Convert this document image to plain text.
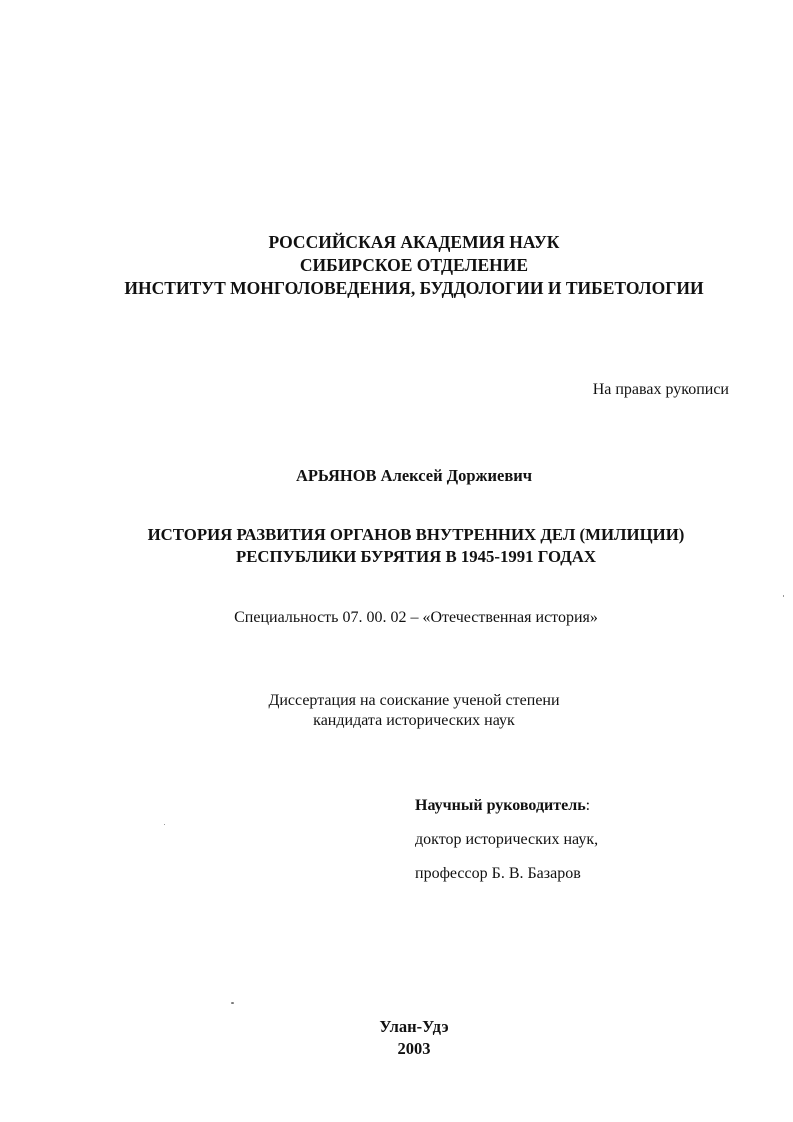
РОССИЙСКАЯ АКАДЕМИЯ НАУК
СИБИРСКОЕ ОТДЕЛЕНИЕ
ИНСТИТУТ МОНГОЛОВЕДЕНИЯ, БУДДОЛОГИИ И ТИБЕТОЛОГИИ
На правах рукописи
АРЬЯНОВ Алексей Доржиевич
ИСТОРИЯ РАЗВИТИЯ ОРГАНОВ ВНУТРЕННИХ ДЕЛ (МИЛИЦИИ)
РЕСПУБЛИКИ БУРЯТИЯ В 1945-1991 ГОДАХ
Специальность 07. 00. 02 – «Отечественная история»
Диссертация на соискание ученой степени
кандидата исторических наук
Научный руководитель:
доктор исторических наук,
профессор Б. В. Базаров
Улан-Удэ
2003
